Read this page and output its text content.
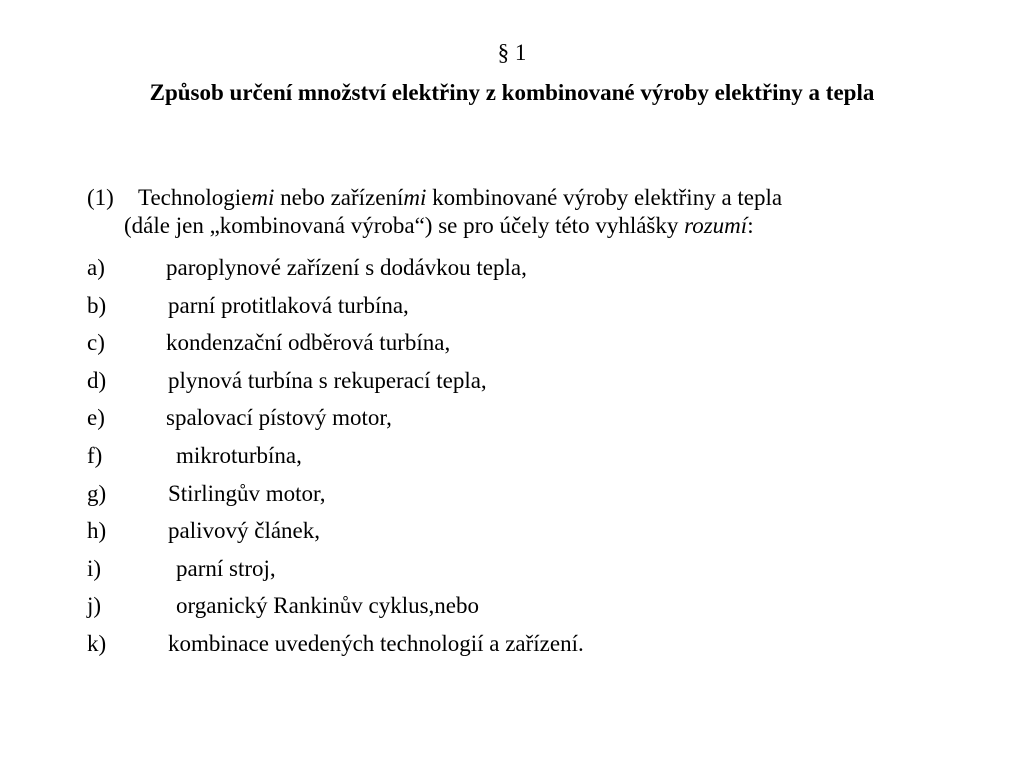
§ 1
Způsob určení množství elektřiny z kombinované výroby elektřiny a tepla
(1) Technologiemi nebo zařízeními kombinované výroby elektřiny a tepla
(dále jen „kombinovaná výroba“) se pro účely této vyhlášky rozumí:
a)	paroplynové zařízení s dodávkou tepla,
b)	parní protitlaková turbína,
c)	kondenzační odběrová turbína,
d)	plynová turbína s rekuperací tepla,
e)	spalovací pístový motor,
f)	mikroturbína,
g)	Stirlingův motor,
h)	palivový článek,
i)	parní stroj,
j)	organický Rankinův cyklus,nebo
k)	kombinace uvedených technologií a zařízení.
